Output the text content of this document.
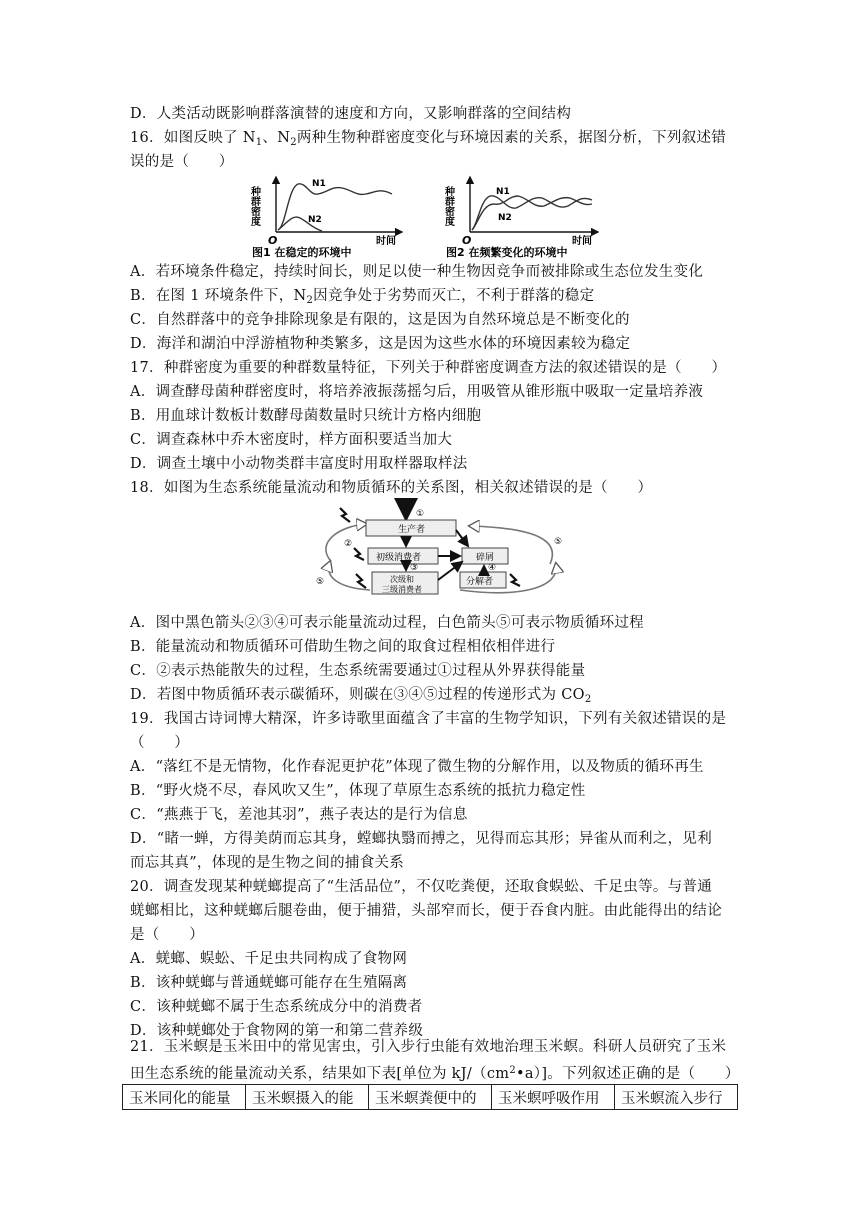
D．人类活动既影响群落演替的速度和方向，又影响群落的空间结构
16．如图反映了 $N_1$、$N_2$两种生物种群密度变化与环境因素的关系，据图分析，下列叙述错
误的是（　　）
种群密度
O	时间
N1
N2
图1 在稳定的环境中
种群密度
O	时间
N1
N2
图2 在频繁变化的环境中
A．若环境条件稳定，持续时间长，则足以使一种生物因竞争而被排除或生态位发生变化
B．在图 1 环境条件下，$N_2$因竞争处于劣势而灭亡，不利于群落的稳定
C．自然群落中的竞争排除现象是有限的，这是因为自然环境总是不断变化的
D．海洋和湖泊中浮游植物种类繁多，这是因为这些水体的环境因素较为稳定
17．种群密度为重要的种群数量特征，下列关于种群密度调查方法的叙述错误的是（　　）
A．调查酵母菌种群密度时，将培养液振荡摇匀后，用吸管从锥形瓶中吸取一定量培养液
B．用血球计数板计数酵母菌数量时只统计方格内细胞
C．调查森林中乔木密度时，样方面积要适当加大
D．调查土壤中小动物类群丰富度时用取样器取样法
18．如图为生态系统能量流动和物质循环的关系图，相关叙述错误的是（　　）
①
生产者
初级消费者
次级和
三级消费者
碎屑
分解者
②
③	④
⑤
⑤
A．图中黑色箭头②③④可表示能量流动过程，白色箭头⑤可表示物质循环过程
B．能量流动和物质循环可借助生物之间的取食过程相依相伴进行
C．②表示热能散失的过程，生态系统需要通过①过程从外界获得能量
D．若图中物质循环表示碳循环，则碳在③④⑤过程的传递形式为 $CO_2$
19．我国古诗词博大精深，许多诗歌里面蕴含了丰富的生物学知识，下列有关叙述错误的是
（　　）
A．“落红不是无情物，化作春泥更护花”体现了微生物的分解作用，以及物质的循环再生
B．“野火烧不尽，春风吹又生”，体现了草原生态系统的抵抗力稳定性
C．“燕燕于飞，差池其羽”，燕子表达的是行为信息
D．“睹一蝉，方得美荫而忘其身，螳螂执翳而搏之，见得而忘其形；异雀从而利之，见利
而忘其真”，体现的是生物之间的捕食关系
20．调查发现某种蜣螂提高了“生活品位”，不仅吃粪便，还取食蜈蚣、千足虫等。与普通
蜣螂相比，这种蜣螂后腿卷曲，便于捕猎，头部窄而长，便于吞食内脏。由此能得出的结论
是（　　）
A．蜣螂、蜈蚣、千足虫共同构成了食物网
B．该种蜣螂与普通蜣螂可能存在生殖隔离
C．该种蜣螂不属于生态系统成分中的消费者
D．该种蜣螂处于食物网的第一和第二营养级
21．玉米螟是玉米田中的常见害虫，引入步行虫能有效地治理玉米螟。科研人员研究了玉米
田生态系统的能量流动关系，结果如下表[单位为 $kJ/(cm^2•a)$]。下列叙述正确的是（　　）
玉米同化的能量	玉米螟摄入的能	玉米螟粪便中的	玉米螟呼吸作用	玉米螟流入步行
